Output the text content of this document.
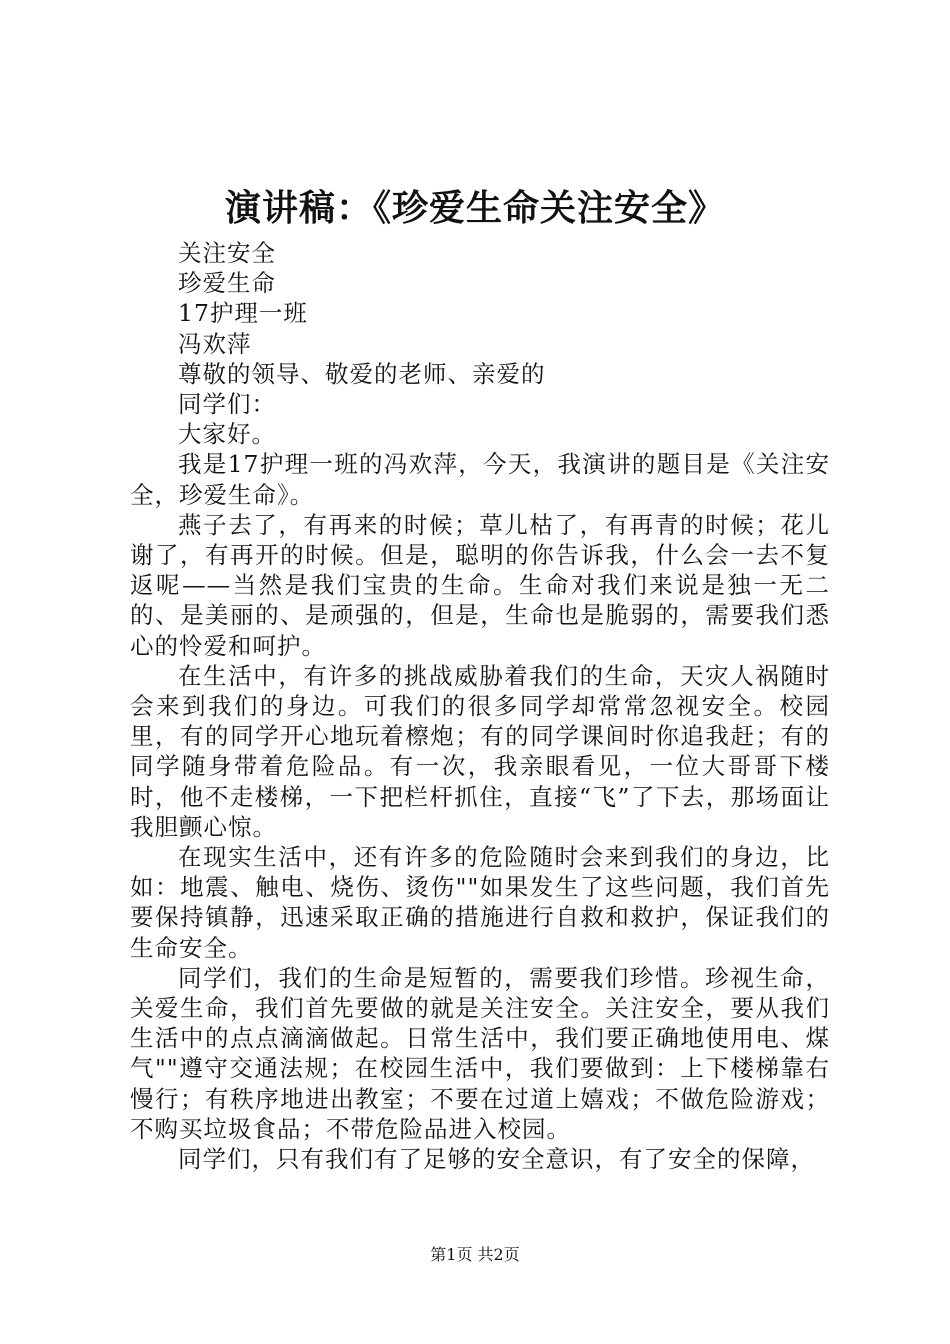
演讲稿：《珍爱生命关注安全》

关注安全

珍爱生命

17护理一班

冯欢萍

尊敬的领导、敬爱的老师、亲爱的

同学们：

大家好。

我是17护理一班的冯欢萍，今天，我演讲的题目是《关注安全，珍爱生命》。

燕子去了，有再来的时候；草儿枯了，有再青的时候；花儿谢了，有再开的时候。但是，聪明的你告诉我，什么会一去不复返呢——当然是我们宝贵的生命。生命对我们来说是独一无二的、是美丽的、是顽强的，但是，生命也是脆弱的，需要我们悉心的怜爱和呵护。

在生活中，有许多的挑战威胁着我们的生命，天灾人祸随时会来到我们的身边。可我们的很多同学却常常忽视安全。校园里，有的同学开心地玩着檫炮；有的同学课间时你追我赶；有的同学随身带着危险品。有一次，我亲眼看见，一位大哥哥下楼时，他不走楼梯，一下把栏杆抓住，直接“飞”了下去，那场面让我胆颤心惊。

在现实生活中，还有许多的危险随时会来到我们的身边，比如：地震、触电、烧伤、烫伤""如果发生了这些问题，我们首先要保持镇静，迅速采取正确的措施进行自救和救护，保证我们的生命安全。

同学们，我们的生命是短暂的，需要我们珍惜。珍视生命，关爱生命，我们首先要做的就是关注安全。关注安全，要从我们生活中的点点滴滴做起。日常生活中，我们要正确地使用电、煤气""遵守交通法规；在校园生活中，我们要做到：上下楼梯靠右慢行；有秩序地进出教室；不要在过道上嬉戏；不做危险游戏；不购买垃圾食品；不带危险品进入校园。

同学们，只有我们有了足够的安全意识，有了安全的保障，

第1页 共2页
